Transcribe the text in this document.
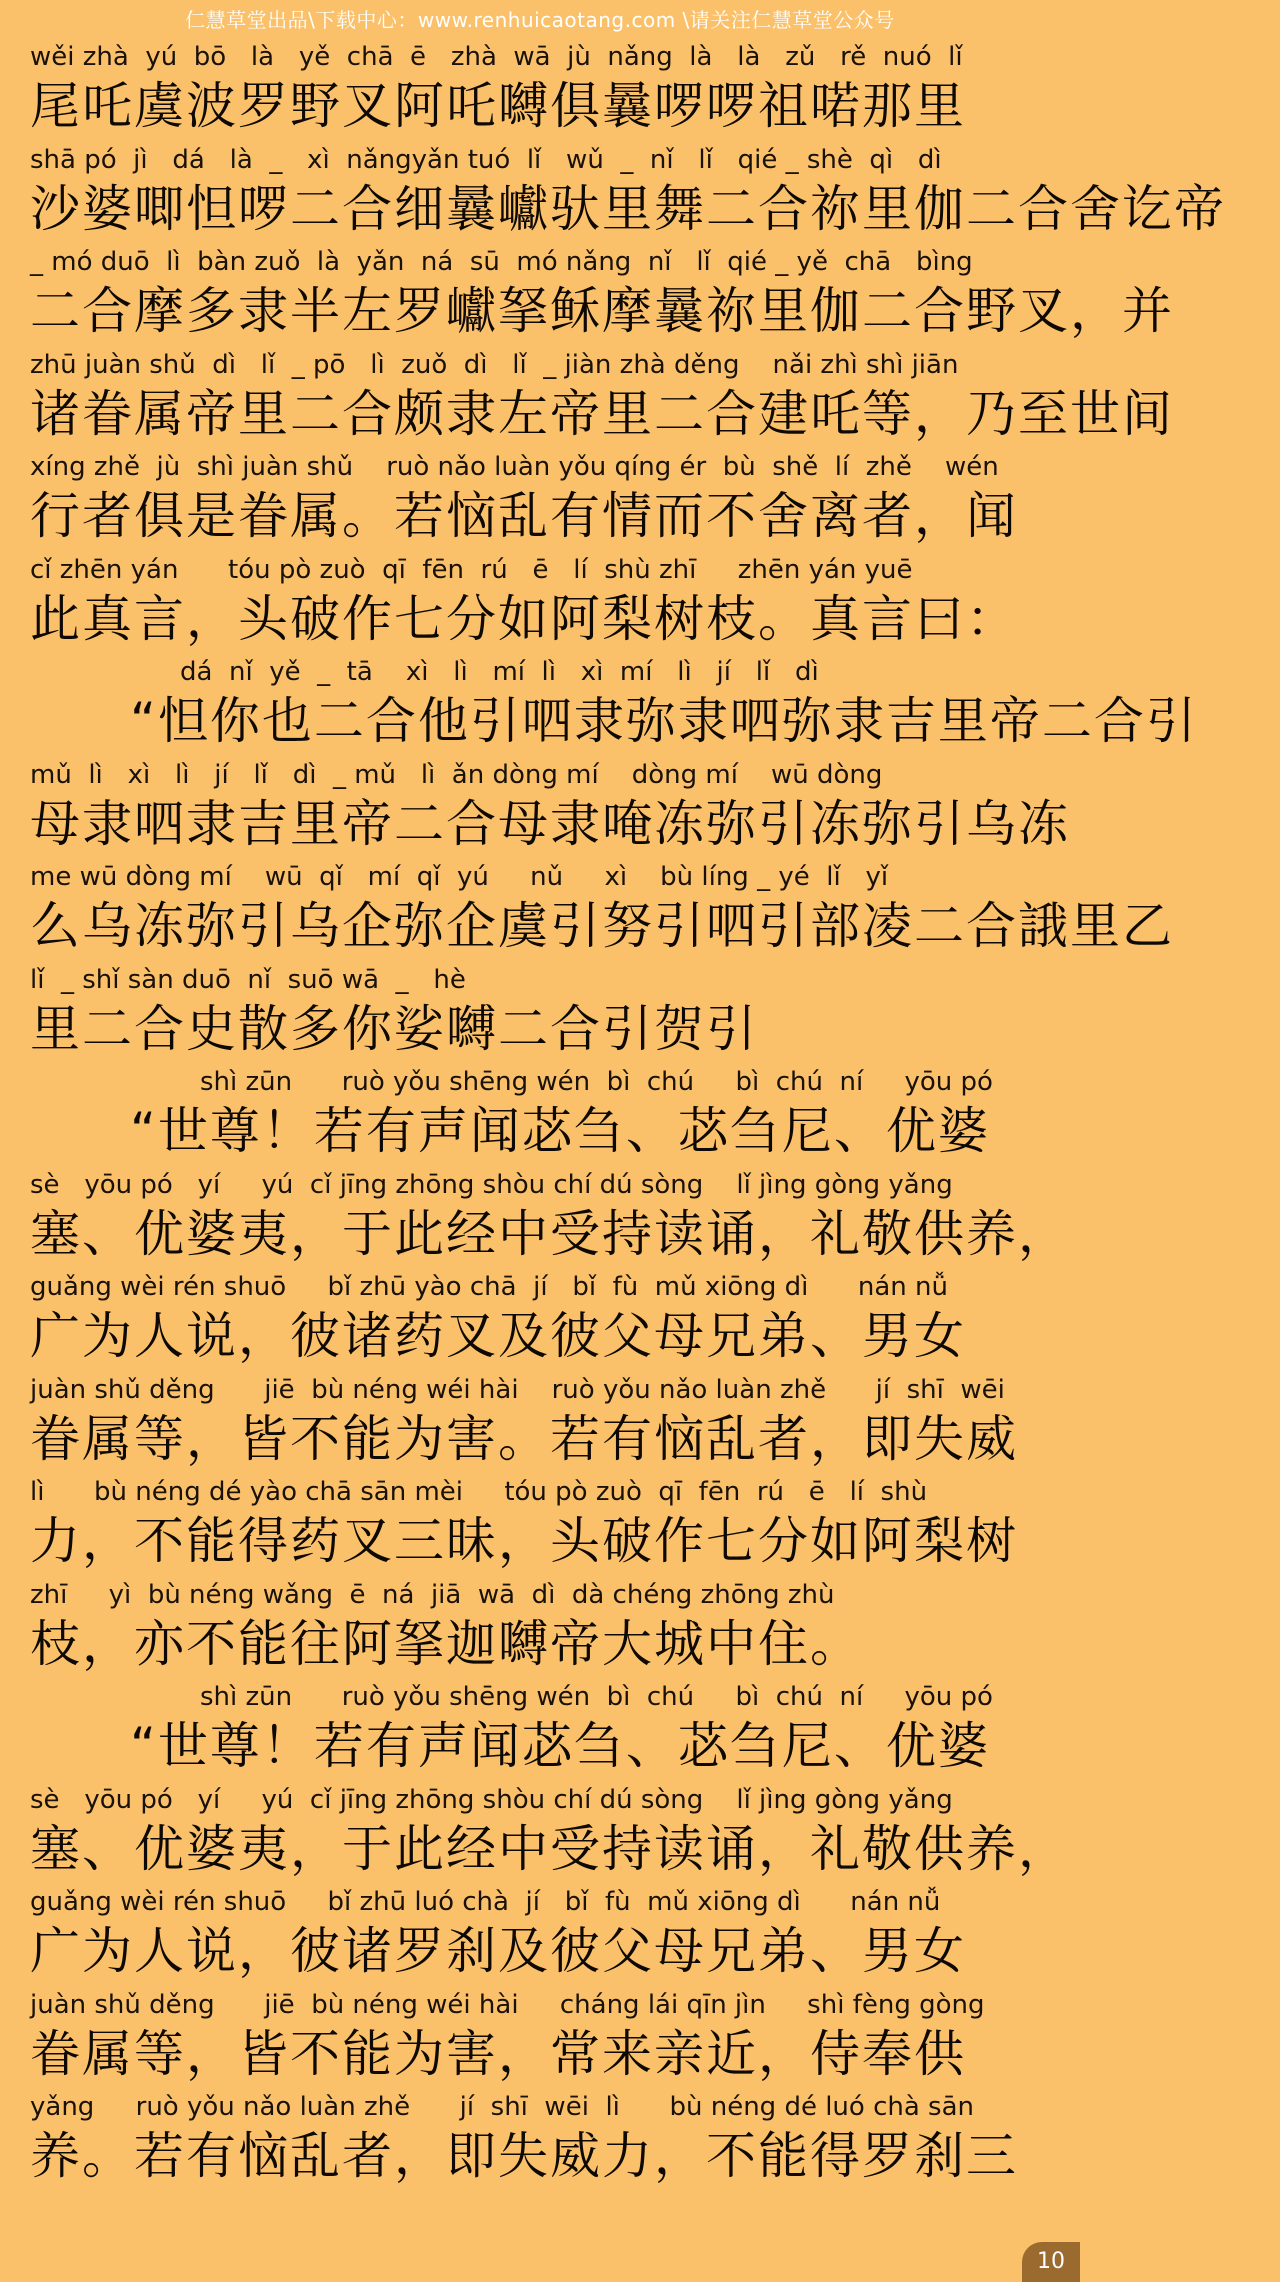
仁慧草堂出品\下载中心：www.renhuicaotang.com \请关注仁慧草堂公众号
wěi zhà  yú  bō   là   yě  chā  ē   zhà  wā  jù  nǎng  là   là   zǔ   rě  nuó  lǐ
尾吒虞波罗野叉阿吒嚩俱曩啰啰祖喏那里
shā pó  jì   dá   là  _   xì  nǎngyǎn tuó  lǐ   wǔ  _  nǐ   lǐ   qié _ shè  qì   dì
沙婆唧怛啰二合细曩巘驮里舞二合祢里伽二合舍讫帝
_ mó duō  lì  bàn zuǒ  là  yǎn  ná  sū  mó nǎng  nǐ   lǐ  qié _ yě  chā   bìng
二合摩多隶半左罗巘拏稣摩曩祢里伽二合野叉，并
zhū juàn shǔ  dì   lǐ  _ pō   lì  zuǒ  dì   lǐ  _ jiàn zhà děng    nǎi zhì shì jiān
诸眷属帝里二合颇隶左帝里二合建吒等，乃至世间
xíng zhě  jù  shì juàn shǔ    ruò nǎo luàn yǒu qíng ér  bù  shě  lí  zhě    wén
行者俱是眷属。若恼乱有情而不舍离者，闻
cǐ zhēn yán      tóu pò zuò  qī  fēn  rú   ē   lí  shù zhī     zhēn yán yuē
此真言，头破作七分如阿梨树枝。真言曰：
dá  nǐ  yě  _  tā    xì   lì   mí  lì   xì  mí   lì   jí   lǐ   dì
“怛你也二合他引呬隶弥隶呬弥隶吉里帝二合引
mǔ  lì   xì   lì   jí   lǐ   dì  _ mǔ   lì  ǎn dòng mí    dòng mí    wū dòng
母隶呬隶吉里帝二合母隶唵冻弥引冻弥引乌冻
me wū dòng mí    wū  qǐ   mí  qǐ  yú     nǔ     xì    bù líng _ yé  lǐ   yǐ
么乌冻弥引乌企弥企虞引努引呬引部凌二合誐里乙
lǐ  _ shǐ sàn duō  nǐ  suō wā  _   hè
里二合史散多你娑嚩二合引贺引
shì zūn      ruò yǒu shēng wén  bì  chú     bì  chú  ní     yōu pó
“世尊！若有声闻苾刍、苾刍尼、优婆
sè   yōu pó   yí     yú  cǐ jīng zhōng shòu chí dú sòng    lǐ jìng gòng yǎng
塞、优婆夷，于此经中受持读诵，礼敬供养，
guǎng wèi rén shuō     bǐ zhū yào chā  jí   bǐ  fù  mǔ xiōng dì      nán nǚ
广为人说，彼诸药叉及彼父母兄弟、男女
juàn shǔ děng      jiē  bù néng wéi hài    ruò yǒu nǎo luàn zhě      jí  shī  wēi
眷属等，皆不能为害。若有恼乱者，即失威
lì      bù néng dé yào chā sān mèi     tóu pò zuò  qī  fēn  rú   ē   lí  shù
力，不能得药叉三昧，头破作七分如阿梨树
zhī     yì  bù néng wǎng  ē  ná  jiā  wā  dì  dà chéng zhōng zhù
枝，亦不能往阿拏迦嚩帝大城中住。
shì zūn      ruò yǒu shēng wén  bì  chú     bì  chú  ní     yōu pó
“世尊！若有声闻苾刍、苾刍尼、优婆
sè   yōu pó   yí     yú  cǐ jīng zhōng shòu chí dú sòng    lǐ jìng gòng yǎng
塞、优婆夷，于此经中受持读诵，礼敬供养，
guǎng wèi rén shuō     bǐ zhū luó chà  jí   bǐ  fù  mǔ xiōng dì      nán nǚ
广为人说，彼诸罗刹及彼父母兄弟、男女
juàn shǔ děng      jiē  bù néng wéi hài     cháng lái qīn jìn     shì fèng gòng
眷属等，皆不能为害，常来亲近，侍奉供
yǎng     ruò yǒu nǎo luàn zhě      jí  shī  wēi  lì      bù néng dé luó chà sān
养。若有恼乱者，即失威力，不能得罗刹三
10
